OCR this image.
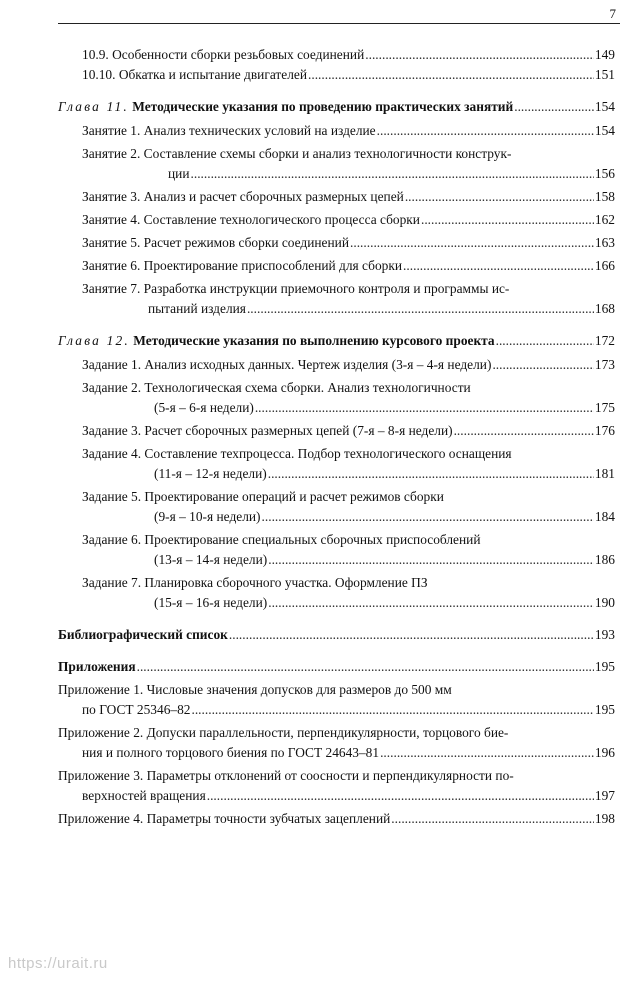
7
10.9. Особенности сборки резьбовых соединений .....	149
10.10. Обкатка и испытание двигателей .....	151
Глава 11. Методические указания по проведению практических занятий .....	154
Занятие 1. Анализ технических условий на изделие .....	154
Занятие 2. Составление схемы сборки и анализ технологичности конструк-
ции .....	156
Занятие 3. Анализ и расчет сборочных размерных цепей .....	158
Занятие 4. Составление технологического процесса сборки .....	162
Занятие 5. Расчет режимов сборки соединений .....	163
Занятие 6. Проектирование приспособлений для сборки .....	166
Занятие 7. Разработка инструкции приемочного контроля и программы ис-
пытаний изделия .....	168
Глава 12. Методические указания по выполнению курсового проекта .....	172
Задание 1. Анализ исходных данных. Чертеж изделия (3-я – 4-я недели) .....	173
Задание 2. Технологическая схема сборки. Анализ технологичности
(5-я – 6-я недели) .....	175
Задание 3. Расчет сборочных размерных цепей (7-я – 8-я недели) .....	176
Задание 4. Составление техпроцесса. Подбор технологического оснащения
(11-я – 12-я недели) .....	181
Задание 5. Проектирование операций и расчет режимов сборки
(9-я – 10-я недели) .....	184
Задание 6. Проектирование специальных сборочных приспособлений
(13-я – 14-я недели) .....	186
Задание 7. Планировка сборочного участка. Оформление ПЗ
(15-я – 16-я недели) .....	190
Библиографический список .....	193
Приложения .....	195
Приложение 1. Числовые значения допусков для размеров до 500 мм
по ГОСТ 25346–82 .....	195
Приложение 2. Допуски параллельности, перпендикулярности, торцового бие-
ния и полного торцового биения по ГОСТ 24643–81 .....	196
Приложение 3. Параметры отклонений от соосности и перпендикулярности по-
верхностей вращения .....	197
Приложение 4. Параметры точности зубчатых зацеплений .....	198
https://urait.ru
